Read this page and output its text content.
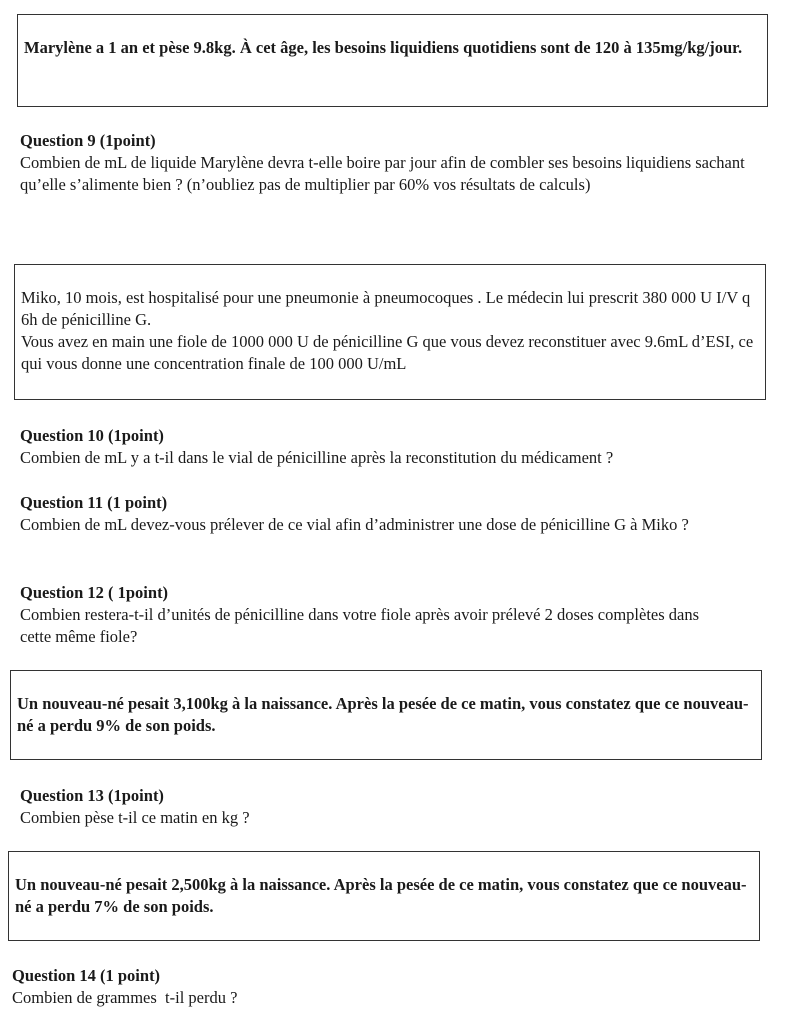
Marylène a 1 an et pèse 9.8kg. À cet âge, les besoins liquidiens quotidiens sont de 120 à 135mg/kg/jour.

Question 9 (1point)
Combien de mL de liquide Marylène devra t-elle boire par jour afin de combler ses besoins liquidiens sachant qu’elle s’alimente bien ? (n’oubliez pas de multiplier par 60% vos résultats de calculs)

Miko, 10 mois, est hospitalisé pour une pneumonie à pneumocoques . Le médecin lui prescrit 380 000 U I/V q 6h de pénicilline G.

Vous avez en main une fiole de 1000 000 U de pénicilline G que vous devez reconstituer avec 9.6mL d’ESI, ce qui vous donne une concentration finale de 100 000 U/mL

Question 10 (1point)
Combien de mL y a t-il dans le vial de pénicilline après la reconstitution du médicament ?
Question 11 (1 point)
Combien de mL devez-vous prélever de ce vial afin d’administrer une dose de pénicilline G à Miko ?
Question 12 ( 1point)
Combien restera-t-il d’unités de pénicilline dans votre fiole après avoir prélevé 2 doses complètes dans cette même fiole?

Un nouveau-né pesait 3,100kg à la naissance. Après la pesée de ce matin, vous constatez que ce nouveau-né a perdu 9% de son poids.

Question 13 (1point)
Combien pèse t-il ce matin en kg ?

Un nouveau-né pesait 2,500kg à la naissance. Après la pesée de ce matin, vous constatez que ce nouveau-né a perdu 7% de son poids.

Question 14 (1 point)
Combien de grammes  t-il perdu ?
